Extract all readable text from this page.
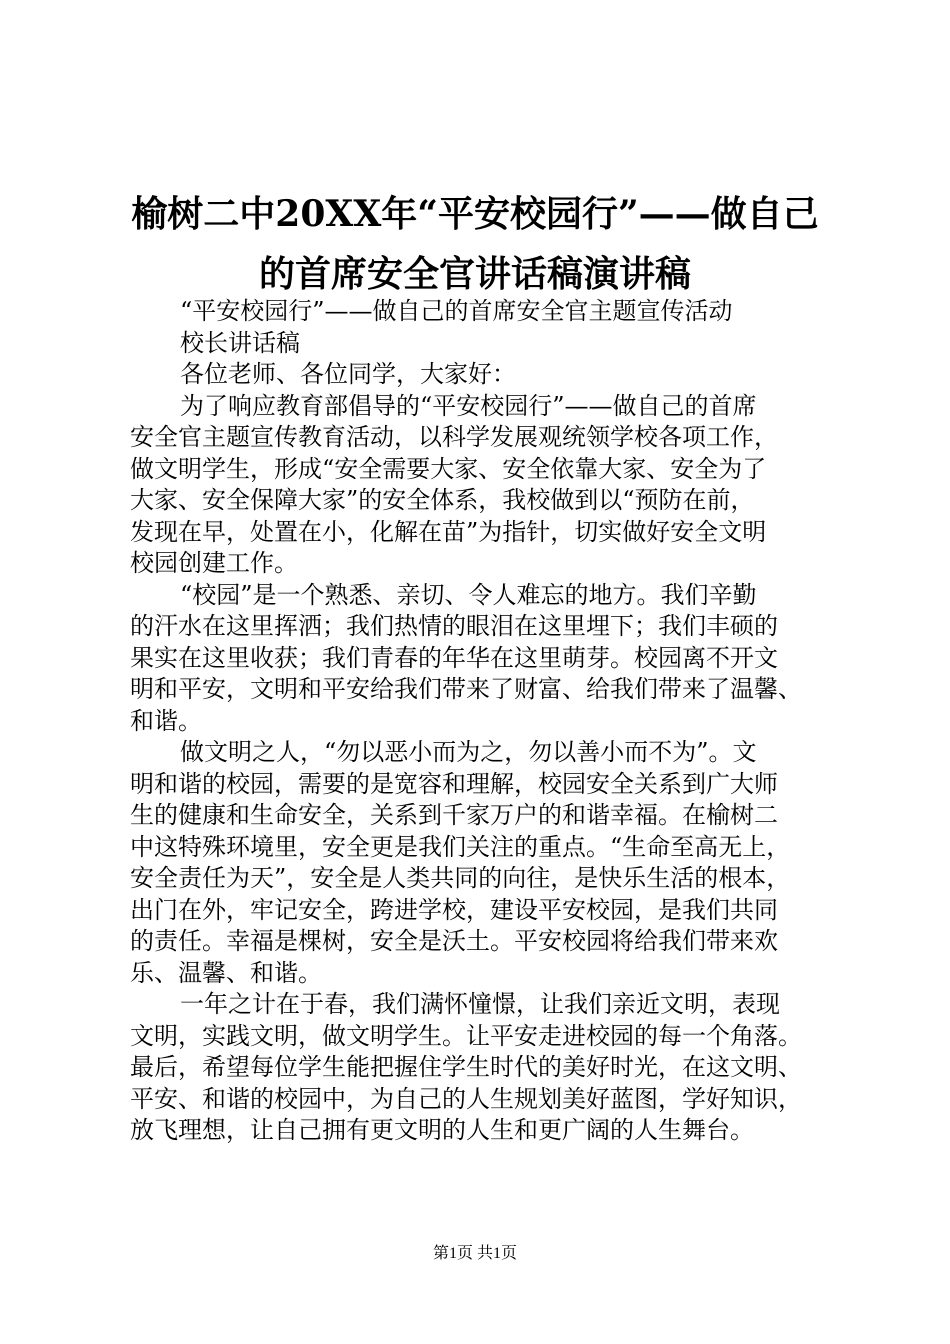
榆树二中20XX年“平安校园行”——做自己
的首席安全官讲话稿演讲稿
“平安校园行”——做自己的首席安全官主题宣传活动
校长讲话稿
各位老师、各位同学，大家好：
为了响应教育部倡导的“平安校园行”——做自己的首席
安全官主题宣传教育活动，以科学发展观统领学校各项工作，
做文明学生，形成“安全需要大家、安全依靠大家、安全为了
大家、安全保障大家”的安全体系，我校做到以“预防在前，
发现在早，处置在小，化解在苗”为指针，切实做好安全文明
校园创建工作。
“校园”是一个熟悉、亲切、令人难忘的地方。我们辛勤
的汗水在这里挥洒；我们热情的眼泪在这里埋下；我们丰硕的
果实在这里收获；我们青春的年华在这里萌芽。校园离不开文
明和平安，文明和平安给我们带来了财富、给我们带来了温馨、
和谐。
做文明之人，“勿以恶小而为之，勿以善小而不为”。文
明和谐的校园，需要的是宽容和理解，校园安全关系到广大师
生的健康和生命安全，关系到千家万户的和谐幸福。在榆树二
中这特殊环境里，安全更是我们关注的重点。“生命至高无上，
安全责任为天”，安全是人类共同的向往，是快乐生活的根本，
出门在外，牢记安全，跨进学校，建设平安校园，是我们共同
的责任。幸福是棵树，安全是沃土。平安校园将给我们带来欢
乐、温馨、和谐。
一年之计在于春，我们满怀憧憬，让我们亲近文明，表现
文明，实践文明，做文明学生。让平安走进校园的每一个角落。
最后，希望每位学生能把握住学生时代的美好时光，在这文明、
平安、和谐的校园中，为自己的人生规划美好蓝图，学好知识，
放飞理想，让自己拥有更文明的人生和更广阔的人生舞台。
第1页 共1页
